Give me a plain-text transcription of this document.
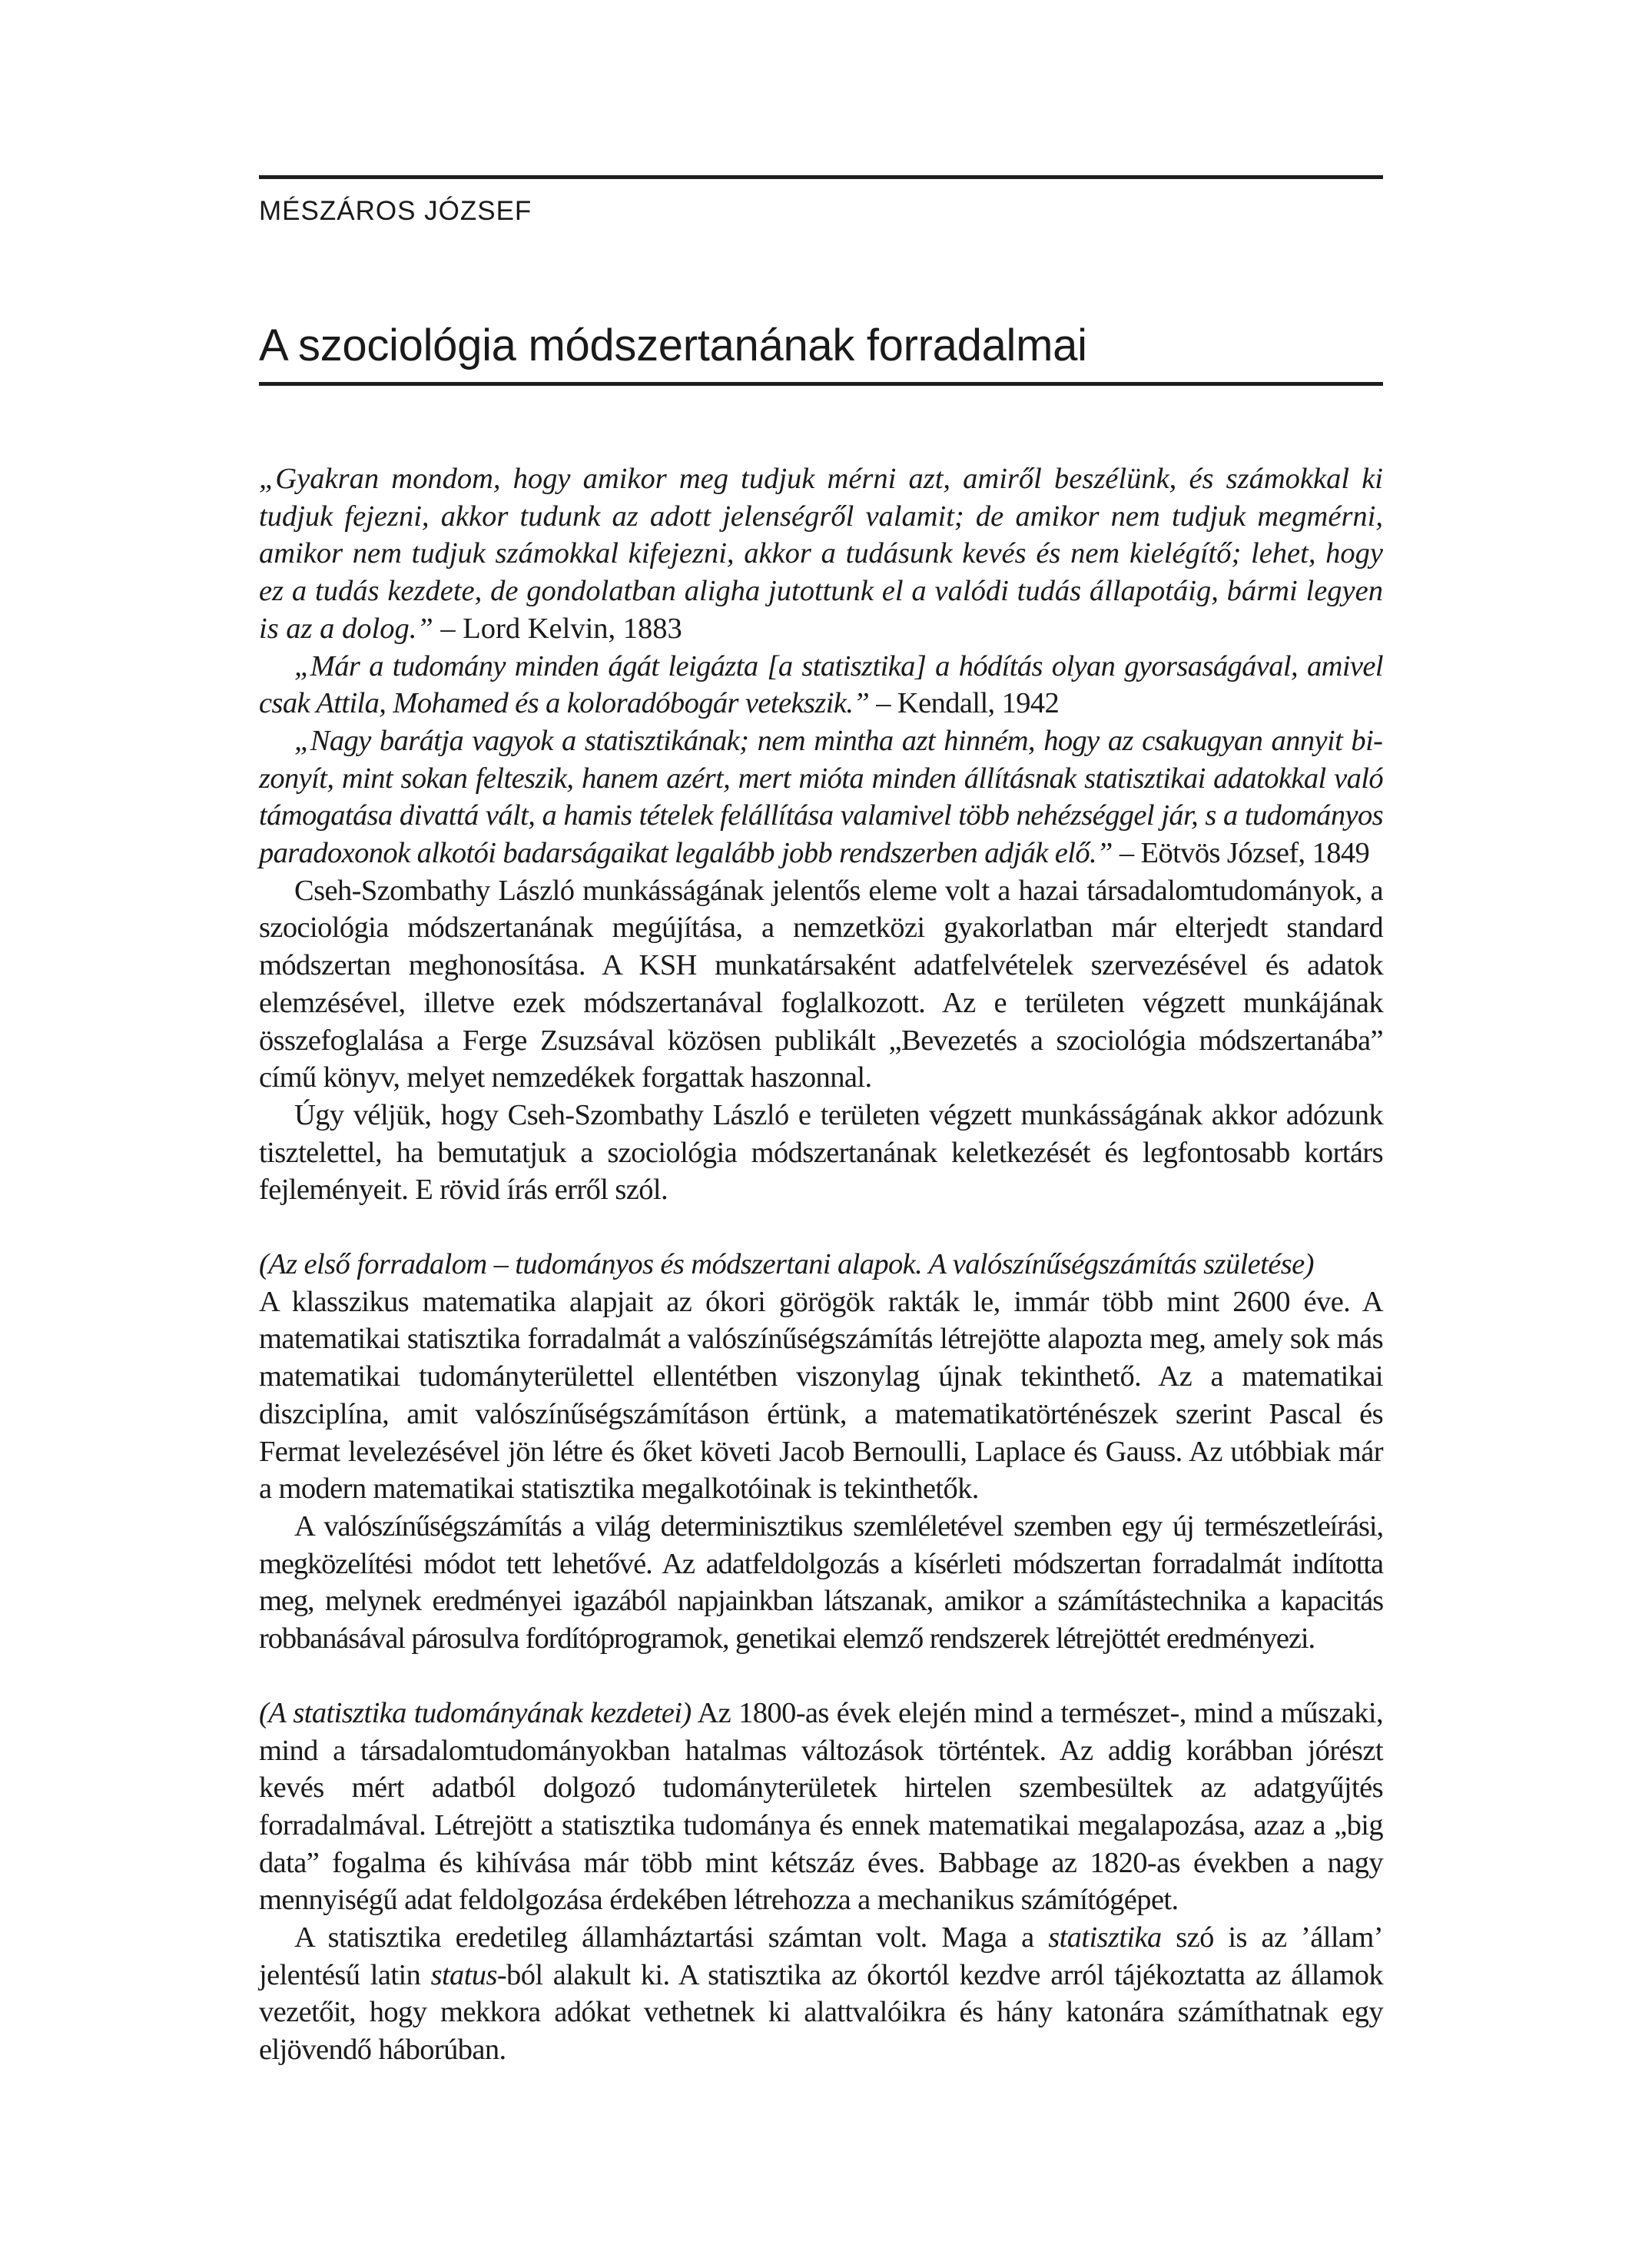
MÉSZÁROS JÓZSEF
A szociológia módszertanának forradalmai

„Gyakran mondom, hogy amikor meg tudjuk mérni azt, amiről beszélünk, és számokkal ki tudjuk fejezni, akkor tudunk az adott jelenségről valamit; de amikor nem tudjuk megmérni, amikor nem tudjuk számokkal kifejezni, akkor a tudásunk kevés és nem kielégítő; lehet, hogy ez a tudás kezdete, de gondolatban aligha jutottunk el a valódi tudás állapotáig, bármi legyen is az a dolog.” – Lord Kelvin, 1883

„Már a tudomány minden ágát leigázta [a statisztika] a hódítás olyan gyorsaságával, amivel csak Attila, Mohamed és a koloradóbogár vetekszik.” – Kendall, 1942

„Nagy barátja vagyok a statisztikának; nem mintha azt hinném, hogy az csakugyan annyit bizonyít, mint sokan felteszik, hanem azért, mert mióta minden állításnak statisztikai adatokkal való támogatása divattá vált, a hamis tételek felállítása valamivel több nehézséggel jár, s a tudományos paradoxonok alkotói badarságaikat legalább jobb rendszerben adják elő.” – Eötvös József, 1849

Cseh-Szombathy László munkásságának jelentős eleme volt a hazai társadalomtudományok, a szociológia módszertanának megújítása, a nemzetközi gyakorlatban már elterjedt standard módszertan meghonosítása. A KSH munkatársaként adatfelvételek szervezésével és adatok elemzésével, illetve ezek módszertanával foglalkozott. Az e területen végzett munkájának összefoglalása a Ferge Zsuzsával közösen publikált „Bevezetés a szociológia módszertanába” című könyv, melyet nemzedékek forgattak haszonnal.

Úgy véljük, hogy Cseh-Szombathy László e területen végzett munkásságának akkor adózunk tisztelettel, ha bemutatjuk a szociológia módszertanának keletkezését és legfontosabb kortárs fejleményeit. E rövid írás erről szól.

(Az első forradalom – tudományos és módszertani alapok. A valószínűségszámítás születése)

A klasszikus matematika alapjait az ókori görögök rakták le, immár több mint 2600 éve. A matematikai statisztika forradalmát a valószínűségszámítás létrejötte alapozta meg, amely sok más matematikai tudományterülettel ellentétben viszonylag újnak tekinthető. Az a matematikai diszciplína, amit valószínűségszámításon értünk, a matematikatörténészek szerint Pascal és Fermat levelezésével jön létre és őket követi Jacob Bernoulli, Laplace és Gauss. Az utóbbiak már a modern matematikai statisztika megalkotóinak is tekinthetők.

A valószínűségszámítás a világ determinisztikus szemléletével szemben egy új természetleírási, megközelítési módot tett lehetővé. Az adatfeldolgozás a kísérleti módszertan forradalmát indította meg, melynek eredményei igazából napjainkban látszanak, amikor a számítástechnika a kapacitás robbanásával párosulva fordítóprogramok, genetikai elemző rendszerek létrejöttét eredményezi.

(A statisztika tudományának kezdetei) Az 1800-as évek elején mind a természet-, mind a műszaki, mind a társadalomtudományokban hatalmas változások történtek. Az addig korábban jórészt kevés mért adatból dolgozó tudományterületek hirtelen szembesültek az adatgyűjtés forradalmával. Létrejött a statisztika tudománya és ennek matematikai megalapozása, azaz a „big data” fogalma és kihívása már több mint kétszáz éves. Babbage az 1820-as években a nagy mennyiségű adat feldolgozása érdekében létrehozza a mechanikus számítógépet.

A statisztika eredetileg államháztartási számtan volt. Maga a statisztika szó is az ’állam’ jelentésű latin status-ból alakult ki. A statisztika az ókortól kezdve arról tájékoztatta az államok vezetőit, hogy mekkora adókat vethetnek ki alattvalóikra és hány katonára számíthatnak egy eljövendő háborúban.
